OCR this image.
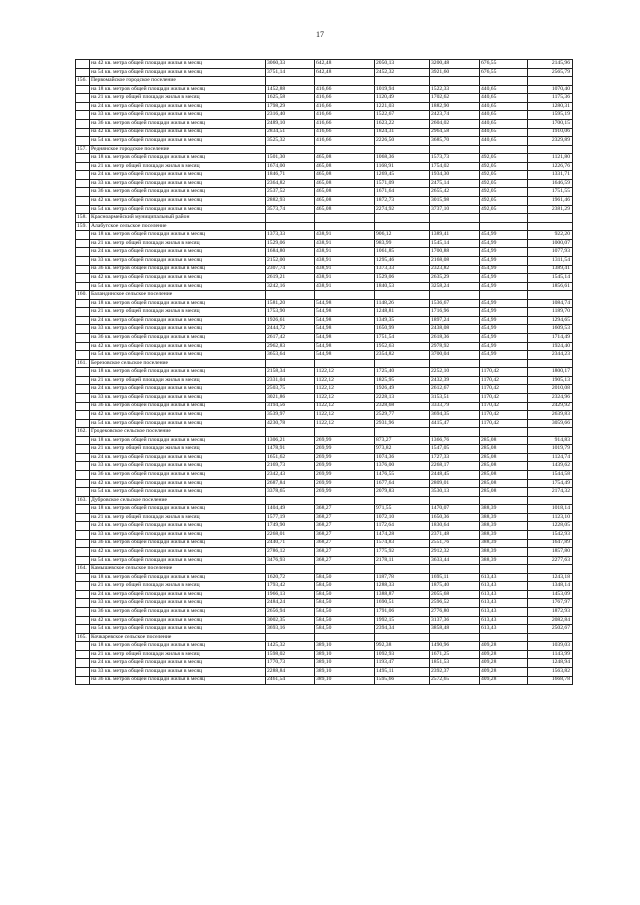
17
	на 42 кв. метра общей площади жилья в месяц	3060,33	642,48	2050,13	3200,48	676,55	2145,96
	на 54 кв. метра общей площади жилья в месяц	3751,14	642,48	2452,32	3921,60	676,55	2565,79
156.	Первомайское городское поселение						
	на 18 кв. метров общей площади жилья в месяц	1452,88	416,66	1019,94	1522,33	440,65	1070,40
	на 21 кв. метр общей площади жилья в месяц	1625,58	416,66	1120,49	1702,62	440,65	1175,36
	на 24 кв. метра общей площади жилья в месяц	1798,29	416,66	1221,03	1882,90	440,65	1280,31
	на 33 кв. метра общей площади жилья в месяц	2316,40	416,66	1522,67	2423,74	440,65	1595,19
	на 36 кв. метров общей площади жилья в месяц	2489,10	416,66	1623,22	2604,02	440,65	1700,15
	на 42 кв. метра общей площади жилья в месяц	2834,51	416,66	1824,31	2964,58	440,65	1910,06
	на 54 кв. метра общей площади жилья в месяц	3525,32	416,66	2226,50	3685,70	440,65	2329,89
157.	Реднянское городское поселение						
	на 18 кв. метров общей площади жилья в месяц	1501,30	465,08	1068,36	1573,73	492,05	1121,80
	на 21 кв. метр общей площади жилья в месяц	1674,00	465,08	1168,91	1754,02	492,05	1226,76
	на 24 кв. метра общей площади жилья в месяц	1846,71	465,08	1269,45	1934,30	492,05	1331,71
	на 33 кв. метра общей площади жилья в месяц	2364,82	465,08	1571,09	2475,14	492,05	1646,59
	на 36 кв. метров общей площади жилья в месяц	2537,52	465,08	1671,64	2655,42	492,05	1751,55
	на 42 кв. метра общей площади жилья в месяц	2882,93	465,08	1872,73	3015,98	492,05	1961,46
	на 54 кв. метра общей площади жилья в месяц	3573,74	465,08	2274,92	3737,10	492,05	2381,29
158.	Красноармейский муниципальный район						
159.	Алабугское сельское поселение						
	на 18 кв. метров общей площади жилья в месяц	1373,33	438,91	906,12	1389,41	454,99	922,20
	на 21 кв. метр общей площади жилья в месяц	1529,06	438,91	983,99	1545,14	454,99	1000,07
	на 24 кв. метра общей площади жилья в месяц	1684,80	438,91	1061,85	1700,88	454,99	1077,93
	на 33 кв. метра общей площади жилья в месяц	2152,00	438,91	1295,46	2168,08	454,99	1311,54
	на 36 кв. метров общей площади жилья в месяц	2307,74	438,91	1373,33	2323,82	454,99	1389,41
	на 42 кв. метра общей площади жилья в месяц	2619,21	438,91	1529,06	2635,29	454,99	1545,14
	на 54 кв. метра общей площади жилья в месяц	3242,16	438,91	1840,53	3258,24	454,99	1856,61
160.	Баландинское сельское поселение						
	на 18 кв. метров общей площади жилья в месяц	1581,20	544,98	1148,26	1536,67	454,99	1084,74
	на 21 кв. метр общей площади жилья в месяц	1753,90	544,98	1248,81	1716,96	454,99	1189,70
	на 24 кв. метра общей площади жилья в месяц	1926,61	544,98	1349,35	1897,24	454,99	1294,65
	на 33 кв. метра общей площади жилья в месяц	2444,72	544,98	1650,99	2438,08	454,99	1609,53
	на 36 кв. метров общей площади жилья в месяц	2617,42	544,98	1751,54	2618,36	454,99	1714,49
	на 42 кв. метра общей площади жилья в месяц	2962,83	544,98	1952,63	2978,92	454,99	1924,40
	на 54 кв. метра общей площади жилья в месяц	3653,64	544,98	2354,82	3700,04	454,99	2344,23
161.	Березовское сельское поселение						
	на 18 кв. метров общей площади жилья в месяц	2158,34	1122,12	1725,40	2252,10	1170,42	1800,17
	на 21 кв. метр общей площади жилья в месяц	2331,04	1122,12	1825,95	2432,39	1170,42	1905,13
	на 24 кв. метра общей площади жилья в месяц	2503,75	1122,12	1926,49	2612,67	1170,42	2010,08
	на 33 кв. метра общей площади жилья в месяц	3021,86	1122,12	2228,13	3153,51	1170,42	2324,96
	на 36 кв. метров общей площади жилья в месяц	3194,56	1122,12	2328,68	3333,79	1170,42	2429,92
	на 42 кв. метра общей площади жилья в месяц	3539,97	1122,12	2529,77	3694,35	1170,42	2639,83
	на 54 кв. метра общей площади жилья в месяц	4230,78	1122,12	2931,96	4415,47	1170,42	3059,66
162.	Гродековское сельское поселение						
	на 18 кв. метров общей площади жилья в месяц	1306,21	269,99	873,27	1366,76	285,08	914,83
	на 21 кв. метр общей площади жилья в месяц	1478,91	269,99	973,82	1547,05	285,08	1019,79
	на 24 кв. метра общей площади жилья в месяц	1651,62	269,99	1074,36	1727,33	285,08	1124,74
	на 33 кв. метра общей площади жилья в месяц	2169,73	269,99	1376,00	2268,17	285,08	1439,62
	на 36 кв. метров общей площади жилья в месяц	2342,43	269,99	1476,55	2448,45	285,08	1544,58
	на 42 кв. метра общей площади жилья в месяц	2687,84	269,99	1677,64	2809,01	285,08	1754,49
	на 54 кв. метра общей площади жилья в месяц	3378,65	269,99	2079,83	3530,13	285,08	2174,32
163.	Дубровское сельское поселение						
	на 18 кв. метров общей площади жилья в месяц	1404,49	368,27	971,55	1470,07	388,39	1018,14
	на 21 кв. метр общей площади жилья в месяц	1577,19	368,27	1072,10	1650,36	388,39	1123,10
	на 24 кв. метра общей площади жилья в месяц	1749,90	368,27	1172,64	1830,64	388,39	1228,05
	на 33 кв. метра общей площади жилья в месяц	2268,01	368,27	1474,28	2371,48	388,39	1542,93
	на 36 кв. метров общей площади жилья в месяц	2440,71	368,27	1574,83	2551,76	388,39	1647,89
	на 42 кв. метра общей площади жилья в месяц	2786,12	368,27	1775,92	2912,32	388,39	1857,80
	на 54 кв. метра общей площади жилья в месяц	3476,93	368,27	2178,11	3633,44	388,39	2277,63
164.	Камышевское сельское поселение						
	на 18 кв. метров общей площади жилья в месяц	1620,72	584,50	1187,78	1695,11	613,43	1243,18
	на 21 кв. метр общей площади жилья в месяц	1793,42	584,50	1288,33	1875,40	613,43	1348,14
	на 24 кв. метра общей площади жилья в месяц	1966,13	584,50	1388,87	2055,68	613,43	1453,09
	на 33 кв. метра общей площади жилья в месяц	2484,24	584,50	1690,51	2596,52	613,43	1767,97
	на 36 кв. метров общей площади жилья в месяц	2656,94	584,50	1791,06	2776,80	613,43	1872,93
	на 42 кв. метра общей площади жилья в месяц	3002,35	584,50	1992,15	3137,36	613,43	2082,84
	на 54 кв. метра общей площади жилья в месяц	3693,16	584,50	2394,34	3858,48	613,43	2502,67
165.	Кочкаревское сельское поселение						
	на 18 кв. метров общей площади жилья в месяц	1425,32	389,10	992,38	1490,96	409,28	1039,03
	на 21 кв. метр общей площади жилья в месяц	1598,02	389,10	1092,93	1671,25	409,28	1143,99
	на 24 кв. метра общей площади жилья в месяц	1770,73	389,10	1193,47	1851,53	409,28	1248,94
	на 33 кв. метра общей площади жилья в месяц	2288,84	389,10	1495,11	2392,37	409,28	1563,82
	на 36 кв. метров общей площади жилья в месяц	2461,54	389,10	1595,66	2572,65	409,28	1668,78
